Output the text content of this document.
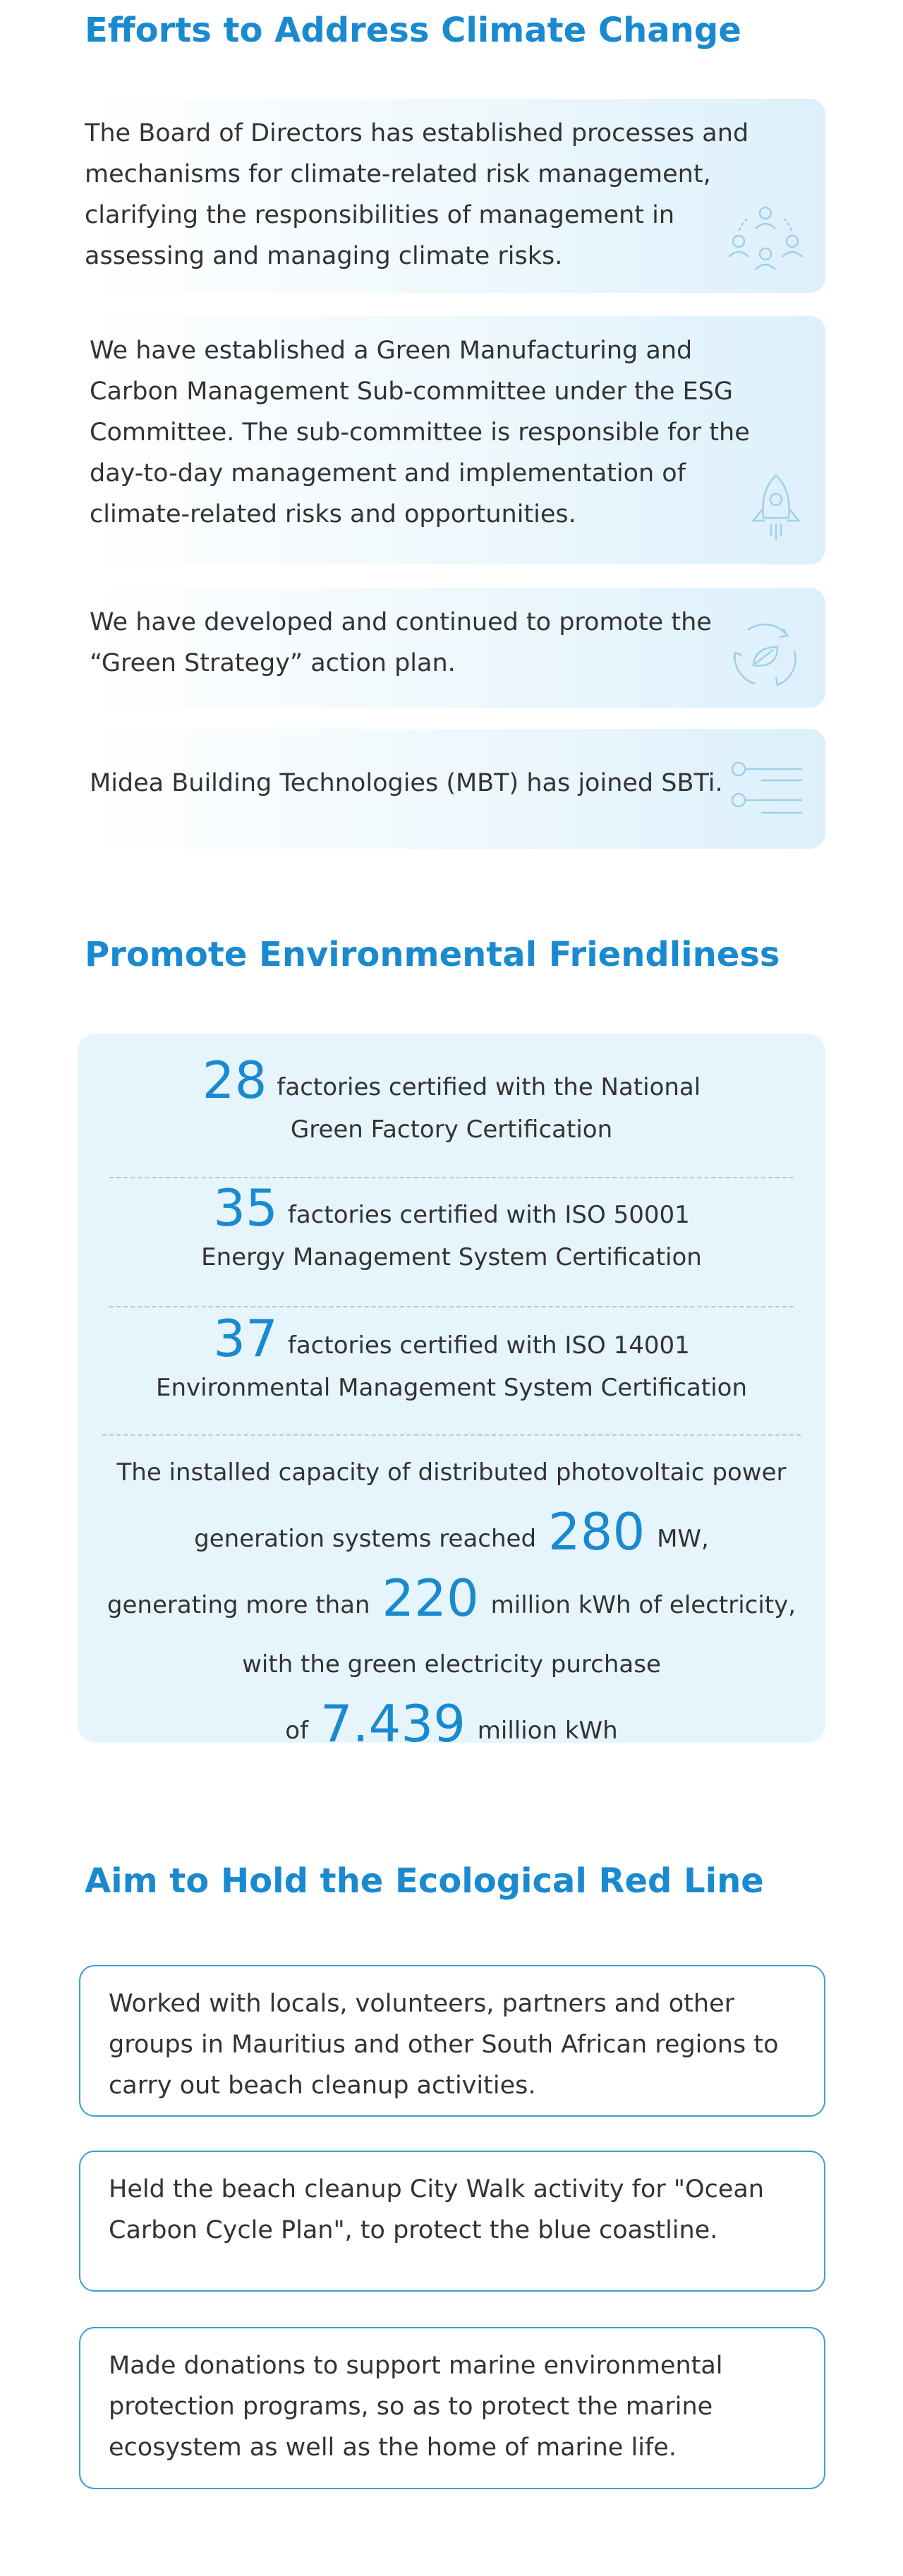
Efforts to Address Climate Change
The Board of Directors has established processes and mechanisms for climate-related risk management, clarifying the responsibilities of management in assessing and managing climate risks.
We have established a Green Manufacturing and Carbon Management Sub-committee under the ESG Committee. The sub-committee is responsible for the day-to-day management and implementation of climate-related risks and opportunities.
We have developed and continued to promote the “Green Strategy” action plan.
Midea Building Technologies (MBT) has joined SBTi.
Promote Environmental Friendliness
28 factories certified with the National
Green Factory Certification
35 factories certified with ISO 50001
Energy Management System Certification
37 factories certified with ISO 14001
Environmental Management System Certification
The installed capacity of distributed photovoltaic power
generation systems reached 280 MW,
generating more than 220 million kWh of electricity,
with the green electricity purchase
of 7.439 million kWh
Aim to Hold the Ecological Red Line
Worked with locals, volunteers, partners and other groups in Mauritius and other South African regions to carry out beach cleanup activities.
Held the beach cleanup City Walk activity for "Ocean Carbon Cycle Plan", to protect the blue coastline.
Made donations to support marine environmental protection programs, so as to protect the marine ecosystem as well as the home of marine life.
